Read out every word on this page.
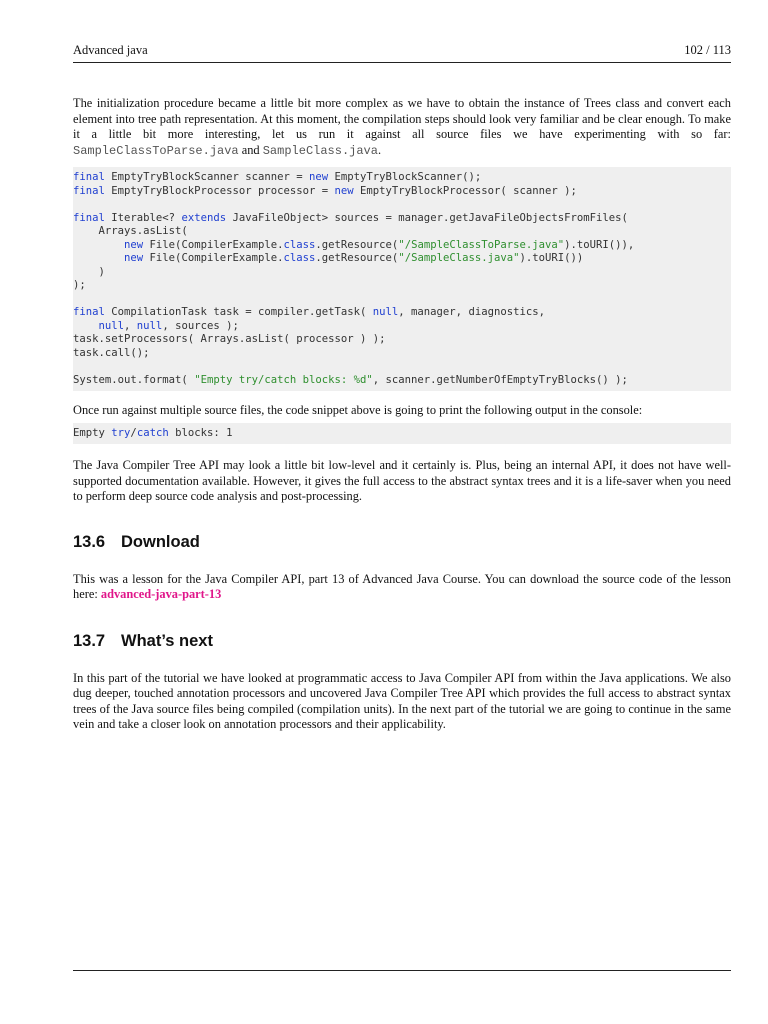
Advanced java	102 / 113

The initialization procedure became a little bit more complex as we have to obtain the instance of Trees class and convert each element into tree path representation. At this moment, the compilation steps should look very familiar and be clear enough. To make it a little bit more interesting, let us run it against all source files we have experimenting with so far: SampleClassToParse.java and SampleClass.java.

final EmptyTryBlockScanner scanner = new EmptyTryBlockScanner();
final EmptyTryBlockProcessor processor = new EmptyTryBlockProcessor( scanner );

final Iterable<? extends JavaFileObject> sources = manager.getJavaFileObjectsFromFiles(
Arrays.asList(
new File(CompilerExample.class.getResource("/SampleClassToParse.java").toURI()),
new File(CompilerExample.class.getResource("/SampleClass.java").toURI())
)
);

final CompilationTask task = compiler.getTask( null, manager, diagnostics,
null, null, sources );
task.setProcessors( Arrays.asList( processor ) );
task.call();

System.out.format( "Empty try/catch blocks: %d", scanner.getNumberOfEmptyTryBlocks() );

Once run against multiple source files, the code snippet above is going to print the following output in the console:

Empty try/catch blocks: 1

The Java Compiler Tree API may look a little bit low-level and it certainly is. Plus, being an internal API, it does not have well-supported documentation available. However, it gives the full access to the abstract syntax trees and it is a life-saver when you need to perform deep source code analysis and post-processing.

13.6 Download

This was a lesson for the Java Compiler API, part 13 of Advanced Java Course. You can download the source code of the lesson here: advanced-java-part-13

13.7 What’s next

In this part of the tutorial we have looked at programmatic access to Java Compiler API from within the Java applications. We also dug deeper, touched annotation processors and uncovered Java Compiler Tree API which provides the full access to abstract syntax trees of the Java source files being compiled (compilation units). In the next part of the tutorial we are going to continue in the same vein and take a closer look on annotation processors and their applicability.
